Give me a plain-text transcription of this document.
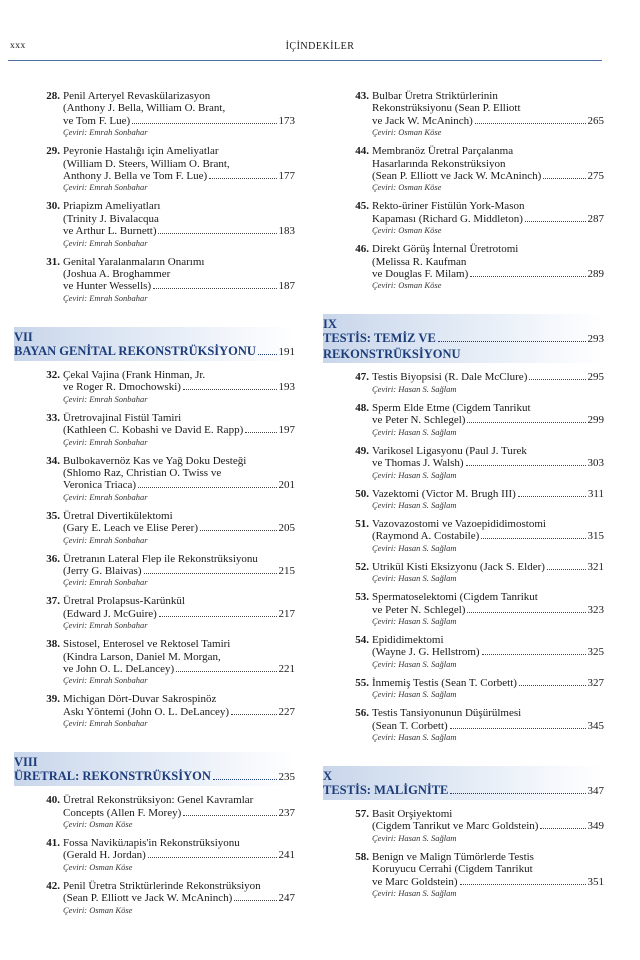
xxx	İÇİNDEKİLER
28. Penil Arteryel Revaskülarizasyon
(Anthony J. Bella, William O. Brant,
ve Tom F. Lue)	173
Çeviri: Emrah Sonbahar
29. Peyronie Hastalığı için Ameliyatlar
(William D. Steers, William O. Brant,
Anthony J. Bella ve Tom F. Lue)	177
Çeviri: Emrah Sonbahar
30. Priapizm Ameliyatları
(Trinity J. Bivalacqua
ve Arthur L. Burnett)	183
Çeviri: Emrah Sonbahar
31. Genital Yaralanmaların Onarımı
(Joshua A. Broghammer
ve Hunter Wessells)	187
Çeviri: Emrah Sonbahar
VII
BAYAN GENİTAL REKONSTRÜKSİYONU 191
32. Çekal Vajina (Frank Hinman, Jr.
ve Roger R. Dmochowski)	193
Çeviri: Emrah Sonbahar
33. Üretrovajinal Fistül Tamiri
(Kathleen C. Kobashi ve David E. Rapp)	197
Çeviri: Emrah Sonbahar
34. Bulbokavernöz Kas ve Yağ Doku Desteği
(Shlomo Raz, Christian O. Twiss ve
Veronica Triaca)	201
Çeviri: Emrah Sonbahar
35. Üretral Divertikülektomi
(Gary E. Leach ve Elise Perer)	205
Çeviri: Emrah Sonbahar
36. Üretranın Lateral Flep ile Rekonstrüksiyonu
(Jerry G. Blaivas)	215
Çeviri: Emrah Sonbahar
37. Üretral Prolapsus-Karünkül
(Edward J. McGuire)	217
Çeviri: Emrah Sonbahar
38. Sistosel, Enterosel ve Rektosel Tamiri
(Kindra Larson, Daniel M. Morgan,
ve John O. L. DeLancey)	221
Çeviri: Emrah Sonbahar
39. Michigan Dört-Duvar Sakrospinöz
Askı Yöntemi (John O. L. DeLancey)	227
Çeviri: Emrah Sonbahar
VIII
ÜRETRAL: REKONSTRÜKSİYON	235
40. Üretral Rekonstrüksiyon: Genel Kavramlar
Concepts (Allen F. Morey)	237
Çeviri: Osman Köse
41. Fossa Naviküларis'in Rekonstrüksiyonu
(Gerald H. Jordan)	241
Çeviri: Osman Köse
42. Penil Üretra Striktürlerinde Rekonstrüksiyon
(Sean P. Elliott ve Jack W. McAninch)	247
Çeviri: Osman Köse
43. Bulbar Üretra Striktürlerinin
Rekonstrüksiyonu (Sean P. Elliott
ve Jack W. McAninch)	265
Çeviri: Osman Köse
44. Membranöz Üretral Parçalanma
Hasarlarında Rekonstrüksiyon
(Sean P. Elliott ve Jack W. McAninch)	275
Çeviri: Osman Köse
45. Rekto-üriner Fistülün York-Mason
Kapaması (Richard G. Middleton)	287
Çeviri: Osman Köse
46. Direkt Görüş İnternal Üretrotomi
(Melissa R. Kaufman
ve Douglas F. Milam)	289
Çeviri: Osman Köse
IX
TESTİS: TEMİZ VE	293
REKONSTRÜKSİYONU
47. Testis Biyopsisi (R. Dale McClure)	295
Çeviri: Hasan S. Sağlam
48. Sperm Elde Etme (Cigdem Tanrikut
ve Peter N. Schlegel)	299
Çeviri: Hasan S. Sağlam
49. Varikosel Ligasyonu (Paul J. Turek
ve Thomas J. Walsh)	303
Çeviri: Hasan S. Sağlam
50. Vazektomi (Victor M. Brugh III)	311
Çeviri: Hasan S. Sağlam
51. Vazovazostomi ve Vazoepididimostomi
(Raymond A. Costabile)	315
Çeviri: Hasan S. Sağlam
52. Utrikül Kisti Eksizyonu (Jack S. Elder)	321
Çeviri: Hasan S. Sağlam
53. Spermatoselektomi (Cigdem Tanrikut
ve Peter N. Schlegel)	323
Çeviri: Hasan S. Sağlam
54. Epididimektomi
(Wayne J. G. Hellstrom)	325
Çeviri: Hasan S. Sağlam
55. İnmemiş Testis (Sean T. Corbett)	327
Çeviri: Hasan S. Sağlam
56. Testis Tansiyonunun Düşürülmesi
(Sean T. Corbett)	345
Çeviri: Hasan S. Sağlam
X
TESTİS: MALİGNİTE	347
57. Basit Orşiyektomi
(Cigdem Tanrikut ve Marc Goldstein)	349
Çeviri: Hasan S. Sağlam
58. Benign ve Malign Tümörlerde Testis
Koruyucu Cerrahi (Cigdem Tanrikut
ve Marc Goldstein)	351
Çeviri: Hasan S. Sağlam
